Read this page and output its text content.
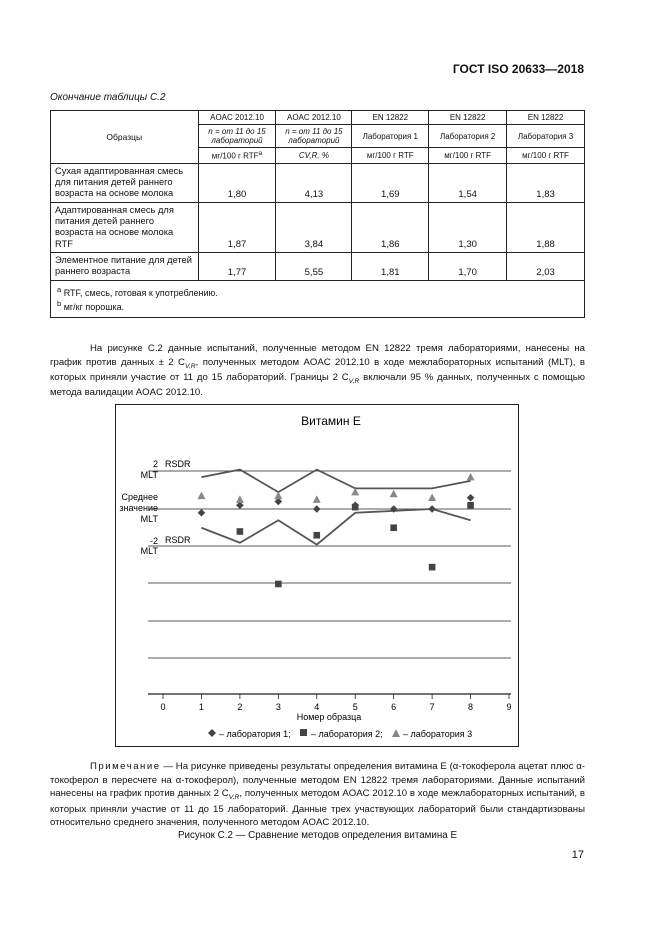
ГОСТ ISO 20633—2018
Окончание таблицы С.2
Образцы	AOAC 2012.10	AOAC 2012.10	EN 12822	EN 12822	EN 12822
	n = от 11 до 15 лабораторий	n = от 11 до 15 лабораторий	Лаборатория 1	Лаборатория 2	Лаборатория 3
	мг/100 г RTF$^a$	CV,R, %	мг/100 г RTF	мг/100 г RTF	мг/100 г RTF
Сухая адаптированная смесь для питания детей раннего возраста на основе молока	1,80	4,13	1,69	1,54	1,83
Адаптированная смесь для питания детей раннего возраста на основе молока RTF	1,87	3,84	1,86	1,30	1,88
Элементное питание для детей раннего возраста	1,77	5,55	1,81	1,70	2,03

$^a$ RTF, смесь, готовая к употреблению.
$^b$ мг/кг порошка.					
На рисунке С.2 данные испытаний, полученные методом EN 12822 тремя лабораториями, нанесены на график против данных ± 2 $C_{V,R}$, полученных методом AOAC 2012.10 в ходе межлабораторных испытаний (MLT), в которых приняли участие от 11 до 15 лабораторий. Границы 2 $C_{V,R}$ включали 95 % данных, полученных с помощью метода валидации AOAC 2012.10.
Витамин Е
2
MLT
RSDR
Среднее
значение
MLT
-2
MLT
RSDR
0	1	2	3	4	5	6	7	8	9
Номер образца
– лаборатория 1; – лаборатория 2; – лаборатория 3
Примечание — На рисунке приведены результаты определения витамина Е (α-токоферола ацетат плюс α-токоферол в пересчете на α-токоферол), полученные методом EN 12822 тремя лабораториями. Данные испытаний нанесены на график против данных 2 $C_{V,R}$, полученных методом AOAC 2012.10 в ходе межлабораторных испытаний, в которых приняли участие от 11 до 15 лабораторий. Данные трех участвующих лабораторий были стандартизованы относительно среднего значения, полученного методом AOAC 2012.10.
Рисунок С.2 — Сравнение методов определения витамина Е
17
